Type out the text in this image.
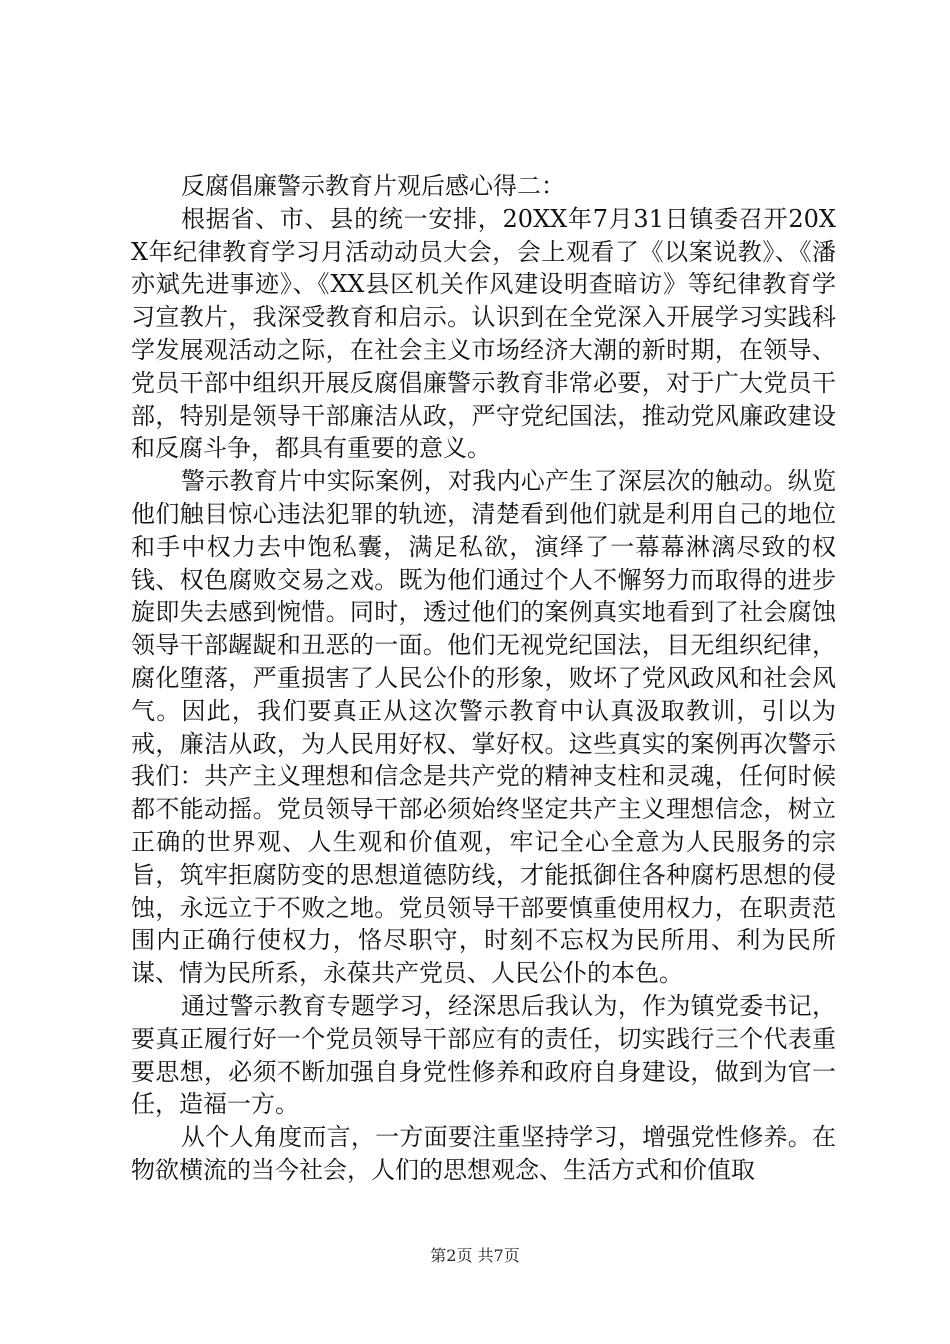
反腐倡廉警示教育片观后感心得二：

根据省、市、县的统一安排，20XX年7月31日镇委召开20XX年纪律教育学习月活动动员大会，会上观看了《以案说教》、《潘亦斌先进事迹》、《XX县区机关作风建设明查暗访》等纪律教育学习宣教片，我深受教育和启示。认识到在全党深入开展学习实践科学发展观活动之际，在社会主义市场经济大潮的新时期，在领导、党员干部中组织开展反腐倡廉警示教育非常必要，对于广大党员干部，特别是领导干部廉洁从政，严守党纪国法，推动党风廉政建设和反腐斗争，都具有重要的意义。

警示教育片中实际案例，对我内心产生了深层次的触动。纵览他们触目惊心违法犯罪的轨迹，清楚看到他们就是利用自己的地位和手中权力去中饱私囊，满足私欲，演绎了一幕幕淋漓尽致的权钱、权色腐败交易之戏。既为他们通过个人不懈努力而取得的进步旋即失去感到惋惜。同时，透过他们的案例真实地看到了社会腐蚀领导干部龌龊和丑恶的一面。他们无视党纪国法，目无组织纪律，腐化堕落，严重损害了人民公仆的形象，败坏了党风政风和社会风气。因此，我们要真正从这次警示教育中认真汲取教训，引以为戒，廉洁从政，为人民用好权、掌好权。这些真实的案例再次警示我们：共产主义理想和信念是共产党的精神支柱和灵魂，任何时候都不能动摇。党员领导干部必须始终坚定共产主义理想信念，树立正确的世界观、人生观和价值观，牢记全心全意为人民服务的宗旨，筑牢拒腐防变的思想道德防线，才能抵御住各种腐朽思想的侵蚀，永远立于不败之地。党员领导干部要慎重使用权力，在职责范围内正确行使权力，恪尽职守，时刻不忘权为民所用、利为民所谋、情为民所系，永葆共产党员、人民公仆的本色。

通过警示教育专题学习，经深思后我认为，作为镇党委书记，要真正履行好一个党员领导干部应有的责任，切实践行三个代表重要思想，必须不断加强自身党性修养和政府自身建设，做到为官一任，造福一方。

从个人角度而言，一方面要注重坚持学习，增强党性修养。在物欲横流的当今社会，人们的思想观念、生活方式和价值取

第2页 共7页
